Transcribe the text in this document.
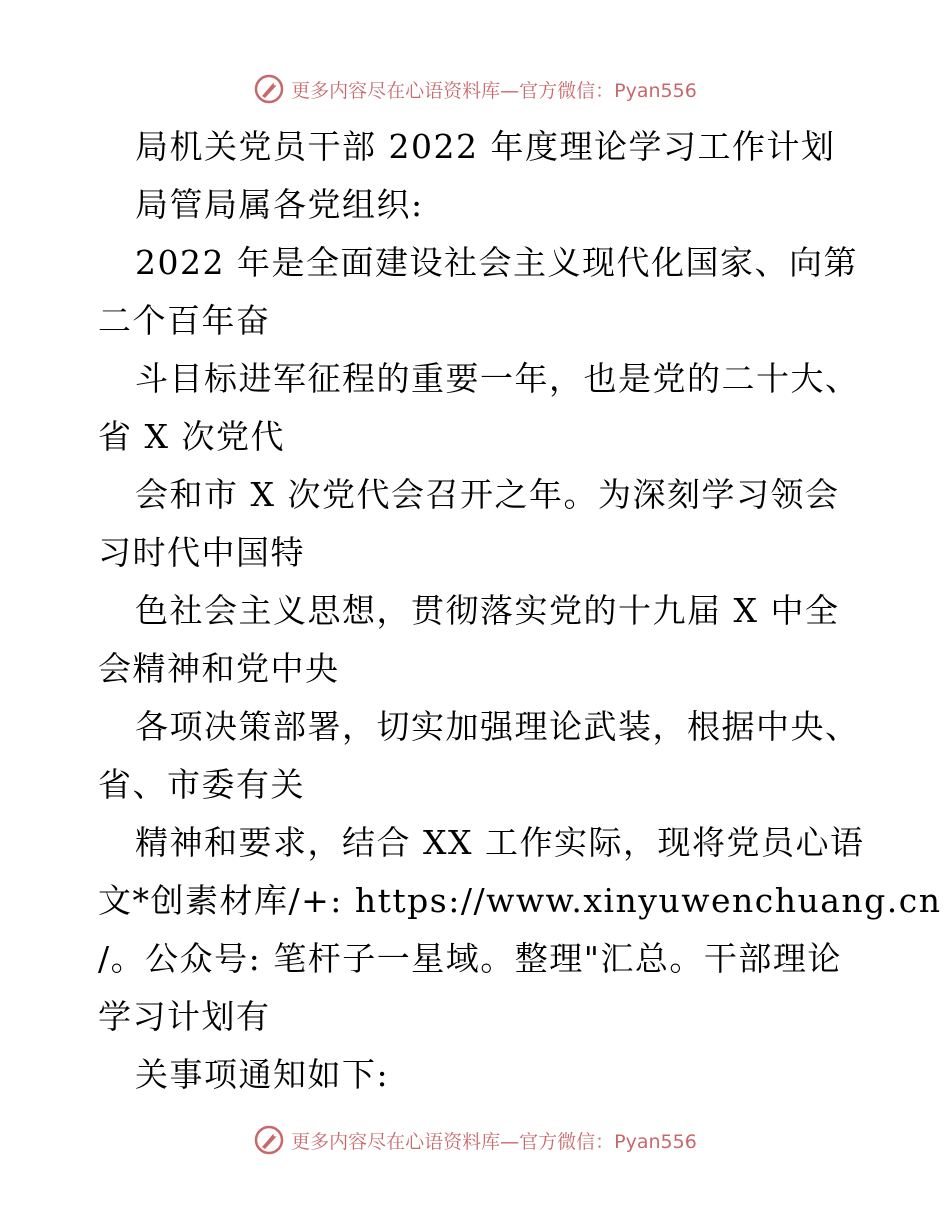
更多内容尽在心语资料库—官方微信：Pyan556
局机关党员干部 2022 年度理论学习工作计划
局管局属各党组织:
2022 年是全面建设社会主义现代化国家、向第
二个百年奋
斗目标进军征程的重要一年，也是党的二十大、
省 X 次党代
会和市 X 次党代会召开之年。为深刻学习领会
习时代中国特
色社会主义思想，贯彻落实党的十九届 X 中全
会精神和党中央
各项决策部署，切实加强理论武装，根据中央、
省、市委有关
精神和要求，结合 XX 工作实际，现将党员心语
文*创素材库/+: https://www.xinyuwenchuang.cn
/。公众号: 笔杆子一星域。整理"汇总。干部理论
学习计划有
关事项通知如下:
更多内容尽在心语资料库—官方微信：Pyan556
